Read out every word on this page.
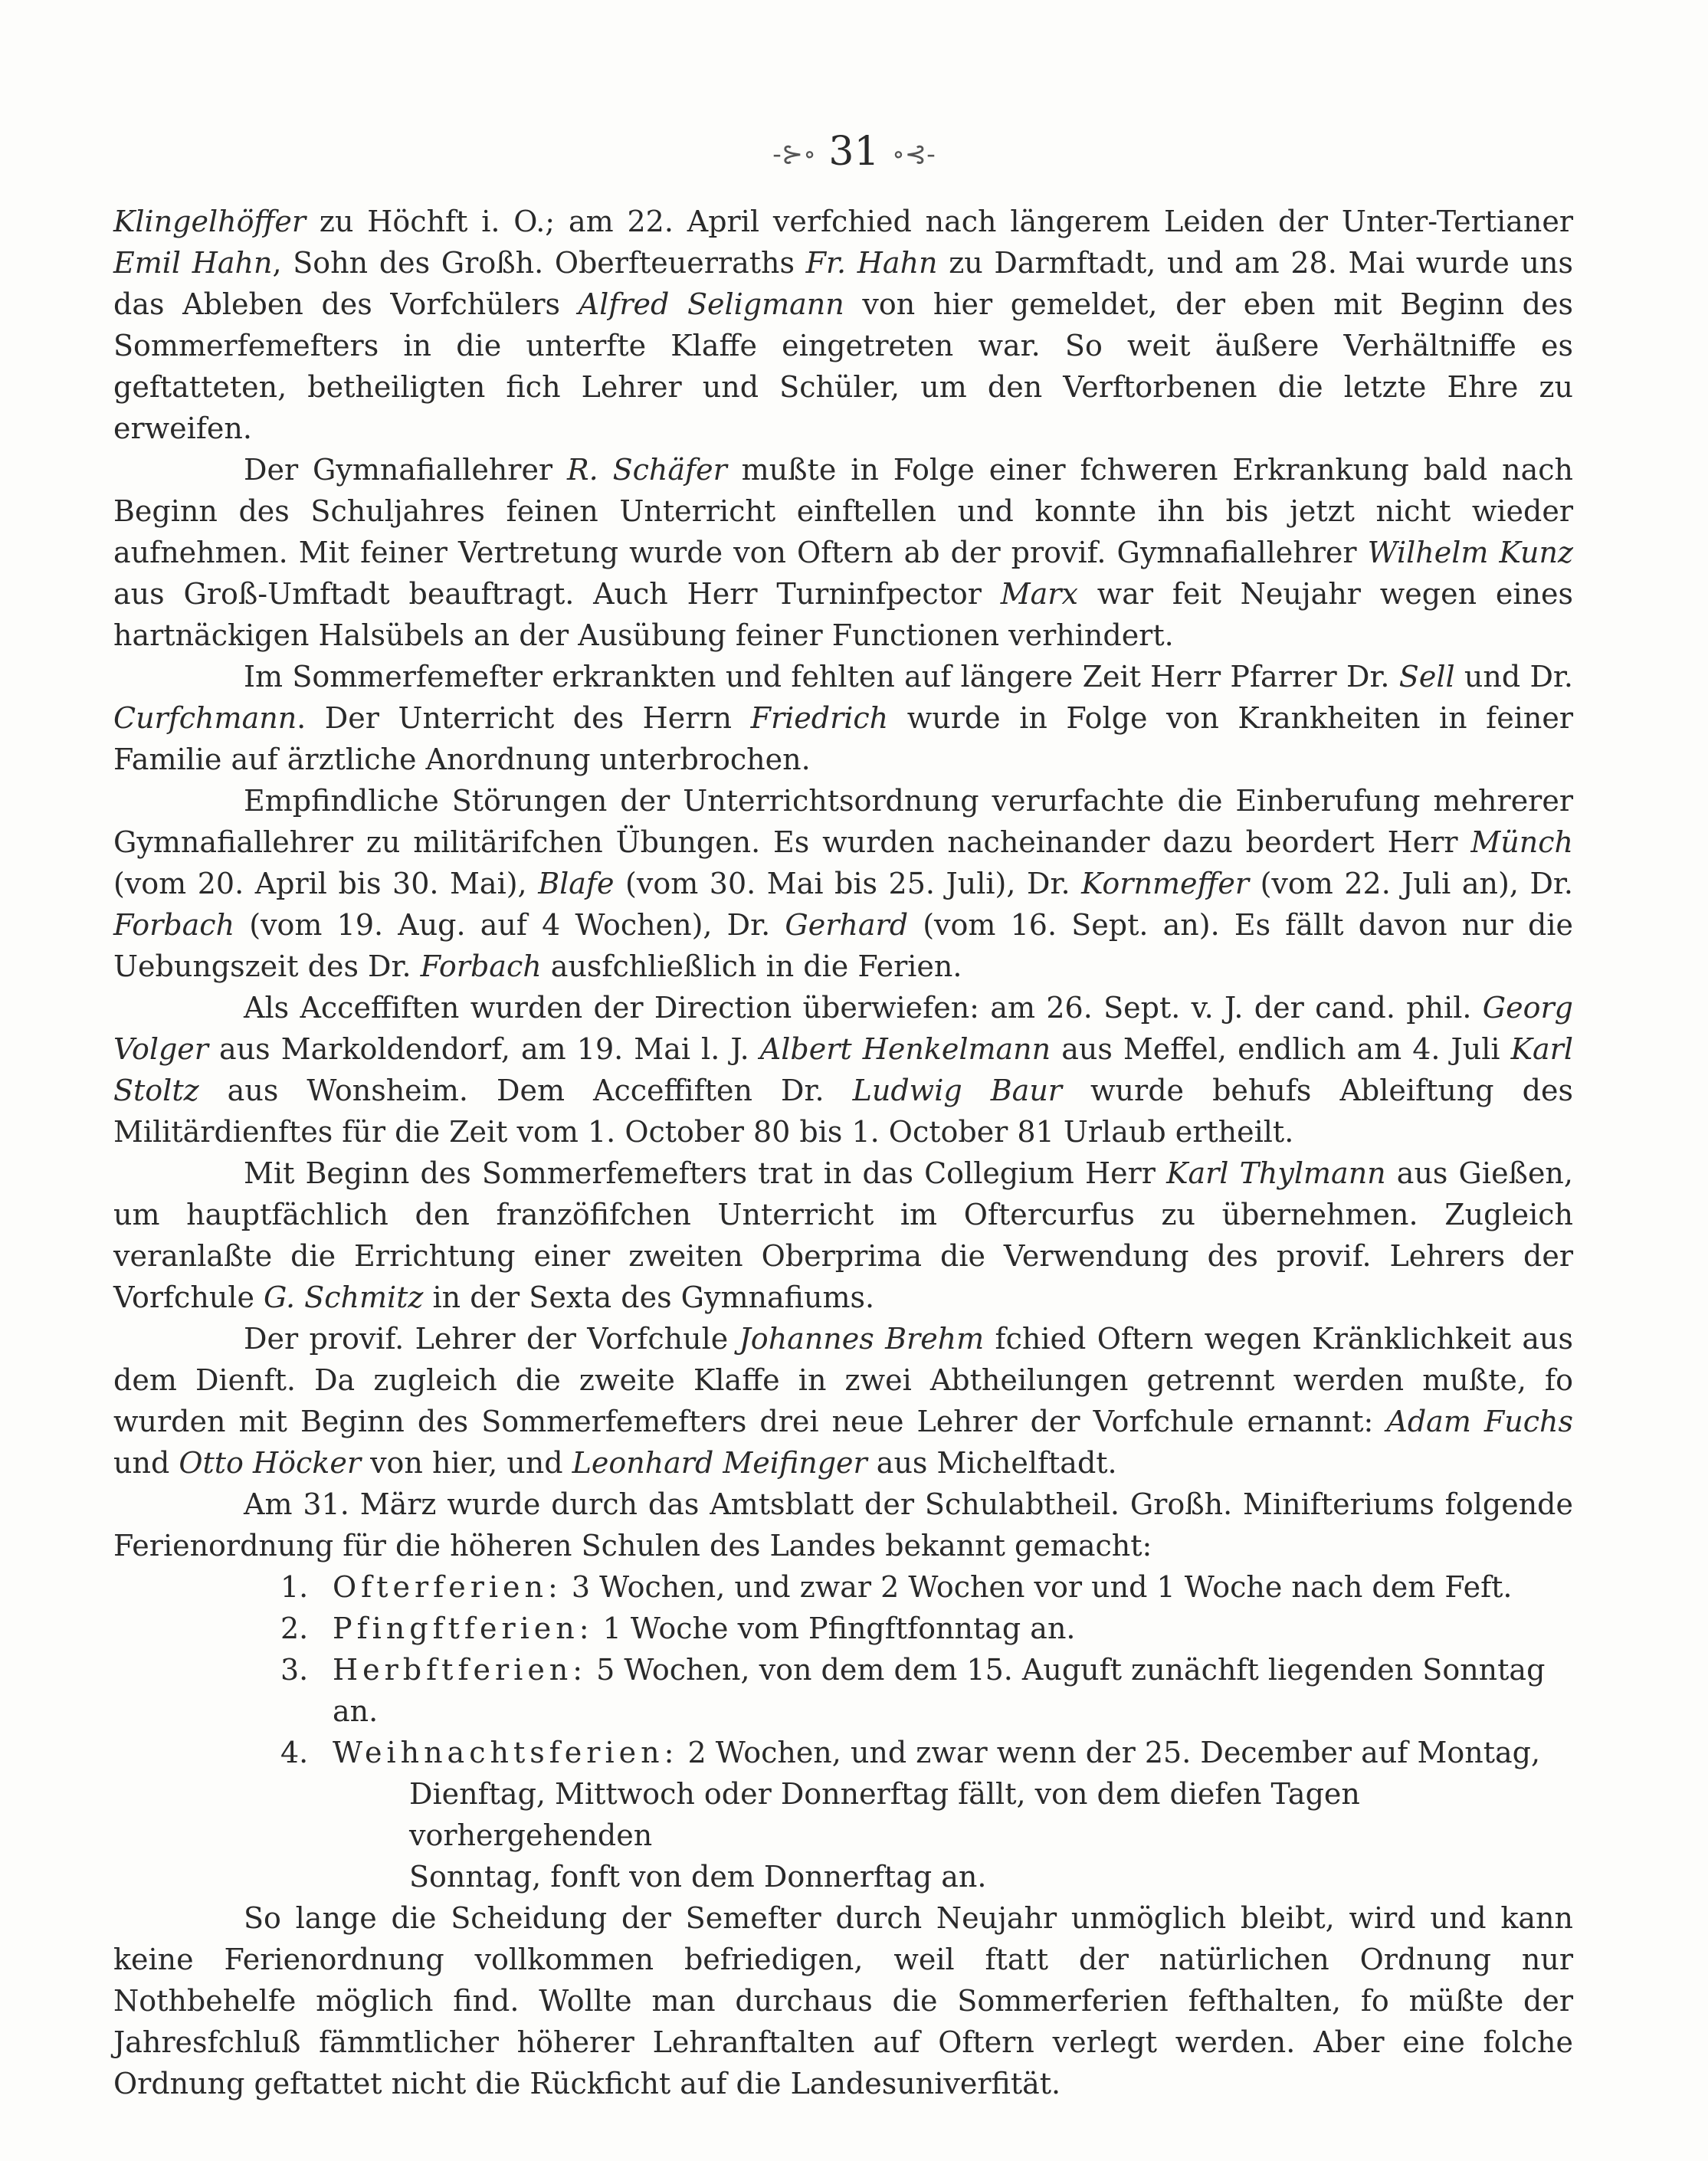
-⊱∘ 31 ∘⊰-

Klingelhöffer zu Höchft i. O.; am 22. April verfchied nach längerem Leiden der Unter-Tertianer Emil Hahn, Sohn des Großh. Oberfteuerraths Fr. Hahn zu Darmftadt, und am 28. Mai wurde uns das Ableben des Vorfchülers Alfred Seligmann von hier gemeldet, der eben mit Beginn des Sommerfemefters in die unterfte Klaffe eingetreten war. So weit äußere Verhältniffe es geftatteten, betheiligten fich Lehrer und Schüler, um den Verftorbenen die letzte Ehre zu erweifen.

Der Gymnafiallehrer R. Schäfer mußte in Folge einer fchweren Erkrankung bald nach Beginn des Schuljahres feinen Unterricht einftellen und konnte ihn bis jetzt nicht wieder aufnehmen. Mit feiner Vertretung wurde von Oftern ab der provif. Gymnafiallehrer Wilhelm Kunz aus Groß-Umftadt beauftragt. Auch Herr Turninfpector Marx war feit Neujahr wegen eines hartnäckigen Halsübels an der Ausübung feiner Functionen verhindert.

Im Sommerfemefter erkrankten und fehlten auf längere Zeit Herr Pfarrer Dr. Sell und Dr. Curfchmann. Der Unterricht des Herrn Friedrich wurde in Folge von Krankheiten in feiner Familie auf ärztliche Anordnung unterbrochen.

Empfindliche Störungen der Unterrichtsordnung verurfachte die Einberufung mehrerer Gymnafiallehrer zu militärifchen Übungen. Es wurden nacheinander dazu beordert Herr Münch (vom 20. April bis 30. Mai), Blafe (vom 30. Mai bis 25. Juli), Dr. Kornmeffer (vom 22. Juli an), Dr. Forbach (vom 19. Aug. auf 4 Wochen), Dr. Gerhard (vom 16. Sept. an). Es fällt davon nur die Uebungszeit des Dr. Forbach ausfchließlich in die Ferien.

Als Acceffiften wurden der Direction überwiefen: am 26. Sept. v. J. der cand. phil. Georg Volger aus Markoldendorf, am 19. Mai l. J. Albert Henkelmann aus Meffel, endlich am 4. Juli Karl Stoltz aus Wonsheim. Dem Acceffiften Dr. Ludwig Baur wurde behufs Ableiftung des Militärdienftes für die Zeit vom 1. October 80 bis 1. October 81 Urlaub ertheilt.

Mit Beginn des Sommerfemefters trat in das Collegium Herr Karl Thylmann aus Gießen, um hauptfächlich den franzöfifchen Unterricht im Oftercurfus zu übernehmen. Zugleich veranlaßte die Errichtung einer zweiten Oberprima die Verwendung des provif. Lehrers der Vorfchule G. Schmitz in der Sexta des Gymnafiums.

Der provif. Lehrer der Vorfchule Johannes Brehm fchied Oftern wegen Kränklichkeit aus dem Dienft. Da zugleich die zweite Klaffe in zwei Abtheilungen getrennt werden mußte, fo wurden mit Beginn des Sommerfemefters drei neue Lehrer der Vorfchule ernannt: Adam Fuchs und Otto Höcker von hier, und Leonhard Meifinger aus Michelftadt.

Am 31. März wurde durch das Amtsblatt der Schulabtheil. Großh. Minifteriums folgende Ferienordnung für die höheren Schulen des Landes bekannt gemacht:

1. Ofterferien: 3 Wochen, und zwar 2 Wochen vor und 1 Woche nach dem Feft.
2. Pfingftferien: 1 Woche vom Pfingftfonntag an.
3. Herbftferien: 5 Wochen, von dem dem 15. Auguft zunächft liegenden Sonntag an.
4. Weihnachtsferien: 2 Wochen, und zwar wenn der 25. December auf Montag,
Dienftag, Mittwoch oder Donnerftag fällt, von dem diefen Tagen vorhergehenden
Sonntag, fonft von dem Donnerftag an.

So lange die Scheidung der Semefter durch Neujahr unmöglich bleibt, wird und kann keine Ferienordnung vollkommen befriedigen, weil ftatt der natürlichen Ordnung nur Nothbehelfe möglich find. Wollte man durchaus die Sommerferien fefthalten, fo müßte der Jahresfchluß fämmtlicher höherer Lehranftalten auf Oftern verlegt werden. Aber eine folche Ordnung geftattet nicht die Rückficht auf die Landesuniverfität.
